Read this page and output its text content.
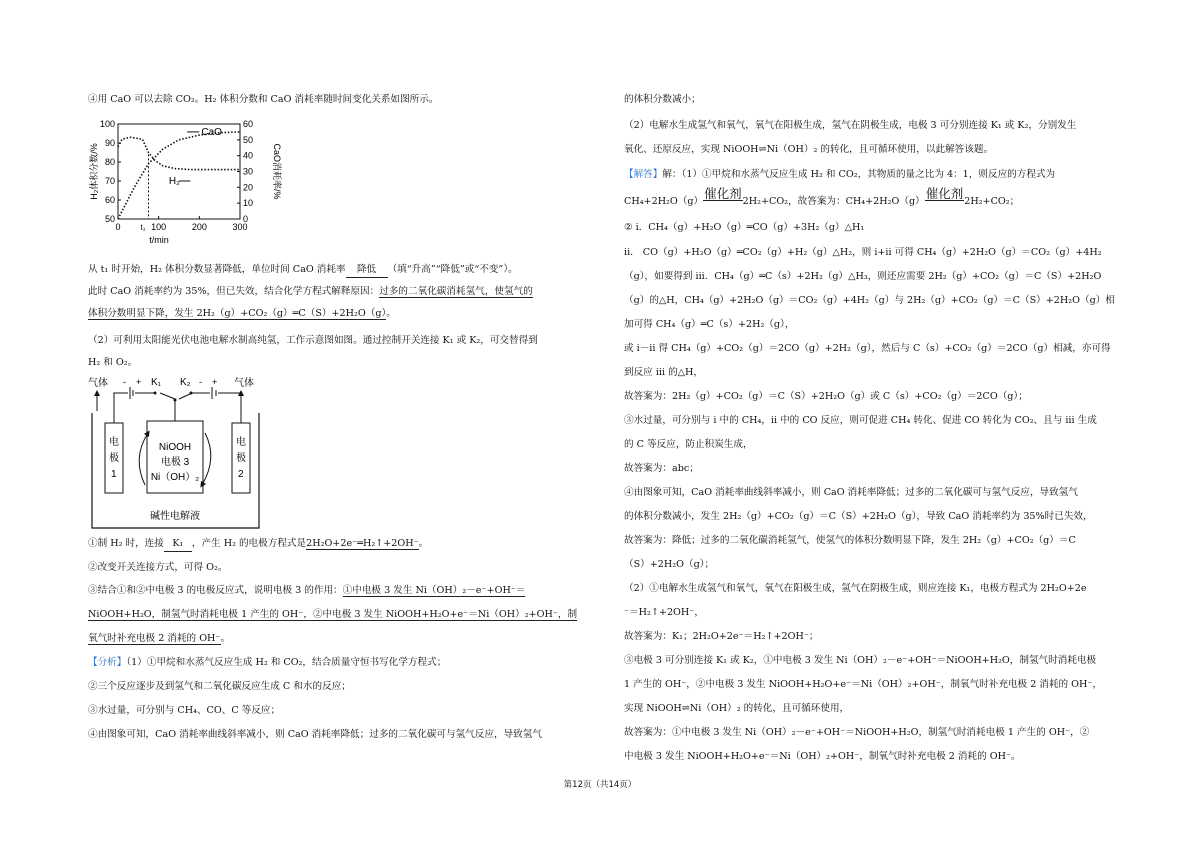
④用 CaO 可以去除 CO₂。H₂ 体积分数和 CaO 消耗率随时间变化关系如图所示。
50
60
70
80
90
100
0
10
20
30
40
50
60
0	100	200	300
t/min
H₂体积分数/%	CaO消耗率/%
t₁
CaO
H₂
从 t₁ 时开始，H₂ 体积分数显著降低，单位时间 CaO 消耗率 降低 （填“升高”“降低”或“不变”）。
此时 CaO 消耗率约为 35%，但已失效，结合化学方程式解释原因：过多的二氧化碳消耗氢气，使氢气的
体积分数明显下降，发生 2H₂（g）+CO₂（g）═C（S）+2H₂O（g）。
（2）可利用太阳能光伏电池电解水制高纯氢，工作示意图如图。通过控制开关连接 K₁ 或 K₂，可交替得到
H₂ 和 O₂。
气体	气体
- +	- +
K₁ K₂
电
极
1
电
极
2
NiOOH
电极 3
Ni（OH）₂
碱性电解液
①制 H₂ 时，连接 K₁ ，产生 H₂ 的电极方程式是2H₂O+2e⁻═H₂↑+2OH⁻。
②改变开关连接方式，可得 O₂。
③结合①和②中电极 3 的电极反应式，说明电极 3 的作用：①中电极 3 发生 Ni（OH）₂－e⁻+OH⁻＝
NiOOH+H₂O，制氢气时消耗电极 1 产生的 OH⁻，②中电极 3 发生 NiOOH+H₂O+e⁻＝Ni（OH）₂+OH⁻，制
氧气时补充电极 2 消耗的 OH⁻。
【分析】（1）①甲烷和水蒸气反应生成 H₂ 和 CO₂，结合质量守恒书写化学方程式；
②三个反应逐步及到氢气和二氧化碳反应生成 C 和水的反应；
③水过量，可分别与 CH₄、CO、C 等反应；
④由图象可知，CaO 消耗率曲线斜率减小，则 CaO 消耗率降低；过多的二氧化碳可与氢气反应，导致氢气
的体积分数减小；
（2）电解水生成氢气和氧气，氧气在阳极生成，氢气在阴极生成，电极 3 可分别连接 K₁ 或 K₂，分别发生
氧化、还原反应，实现 NiOOH⇌Ni（OH）₂ 的转化，且可循环使用，以此解答该题。
【解答】解：（1）①甲烷和水蒸气反应生成 H₂ 和 CO₂，其物质的量之比为 4：1，则反应的方程式为
CH₄+2H₂O（g）催化剂2H₂+CO₂，故答案为：CH₄+2H₂O（g）催化剂2H₂+CO₂；
② i．CH₄（g）+H₂O（g）═CO（g）+3H₂（g）△H₁
ii． CO（g）+H₂O（g）═CO₂（g）+H₂（g）△H₂，则 i+ii 可得 CH₄（g）+2H₂O（g）＝CO₂（g）+4H₂
（g），如要得到 iii．CH₄（g）═C（s）+2H₂（g）△H₃，则还应需要 2H₂（g）+CO₂（g）＝C（S）+2H₂O
（g）的△H，CH₄（g）+2H₂O（g）＝CO₂（g）+4H₂（g）与 2H₂（g）+CO₂（g）＝C（S）+2H₂O（g）相
加可得 CH₄（g）═C（s）+2H₂（g），
或 i－ii 得 CH₄（g）+CO₂（g）＝2CO（g）+2H₂（g），然后与 C（s）+CO₂（g）＝2CO（g）相减，亦可得
到反应 iii 的△H，
故答案为：2H₂（g）+CO₂（g）＝C（S）+2H₂O（g）或 C（s）+CO₂（g）＝2CO（g）；
③水过量，可分别与 i 中的 CH₄，ii 中的 CO 反应，则可促进 CH₄ 转化、促进 CO 转化为 CO₂、且与 iii 生成
的 C 等反应，防止积炭生成，
故答案为：abc；
④由图象可知，CaO 消耗率曲线斜率减小，则 CaO 消耗率降低；过多的二氧化碳可与氢气反应，导致氢气
的体积分数减小，发生 2H₂（g）+CO₂（g）＝C（S）+2H₂O（g），导致 CaO 消耗率约为 35%时已失效，
故答案为：降低；过多的二氧化碳消耗氢气，使氢气的体积分数明显下降，发生 2H₂（g）+CO₂（g）＝C
（S）+2H₂O（g）；
（2）①电解水生成氢气和氧气，氧气在阳极生成，氢气在阴极生成，则应连接 K₁，电极方程式为 2H₂O+2e
⁻＝H₂↑+2OH⁻，
故答案为：K₁；2H₂O+2e⁻＝H₂↑+2OH⁻；
③电极 3 可分别连接 K₁ 或 K₂，①中电极 3 发生 Ni（OH）₂－e⁻+OH⁻＝NiOOH+H₂O，制氢气时消耗电极
1 产生的 OH⁻，②中电极 3 发生 NiOOH+H₂O+e⁻＝Ni（OH）₂+OH⁻，制氧气时补充电极 2 消耗的 OH⁻，
实现 NiOOH⇌Ni（OH）₂ 的转化，且可循环使用，
故答案为：①中电极 3 发生 Ni（OH）₂－e⁻+OH⁻＝NiOOH+H₂O，制氢气时消耗电极 1 产生的 OH⁻，②
中电极 3 发生 NiOOH+H₂O+e⁻＝Ni（OH）₂+OH⁻，制氧气时补充电极 2 消耗的 OH⁻。
第12页（共14页）
